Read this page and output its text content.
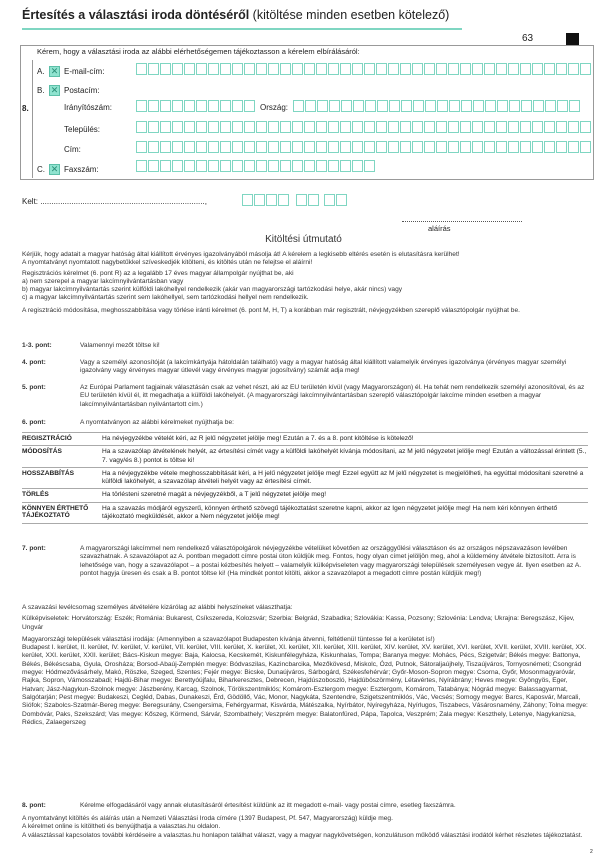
Értesítés a választási iroda döntéséről (kitöltése minden esetben kötelező)
63
Kérem, hogy a választási iroda az alábbi elérhetőségemen tájékoztasson a kérelem elbírálásáról:
8.
A. ✕ E-mail-cím:
B. ✕ Postacím:
Irányítószám:	Ország:
Település:
Cím:
C. ✕ Faxszám:
Kelt: ..........................................................................,
aláírás
Kitöltési útmutató
Kérjük, hogy adatait a magyar hatóság által kiállított érvényes igazolványából másolja át! A kérelem a legkisebb eltérés esetén is elutasításra kerülhet!
A nyomtatványt nyomtatott nagybetűkkel szíveskedjék kitölteni, és kitöltés után ne felejtse el aláírni!
Regisztrációs kérelmet (6. pont R) az a legalább 17 éves magyar állampolgár nyújthat be, aki
a) nem szerepel a magyar lakcímnyilvántartásban vagy
b) magyar lakcímnyilvántartás szerint külföldi lakóhellyel rendelkezik (akár van magyarországi tartózkodási helye, akár nincs) vagy
c) a magyar lakcímnyilvántartás szerint sem lakóhellyel, sem tartózkodási hellyel nem rendelkezik.
A regisztráció módosítása, meghosszabbítása vagy törlése iránti kérelmet (6. pont M, H, T) a korábban már regisztrált, névjegyzékben szereplő választópolgár nyújthat be.
1-3. pont:	Valamennyi mezőt töltse ki!
4. pont:	Vagy a személyi azonosítóját (a lakcímkártyája hátoldalán található) vagy a magyar hatóság által kiállított valamelyik érvényes igazolványa (érvényes magyar személyi igazolvány vagy érvényes magyar útlevél vagy érvényes magyar jogosítvány) számát adja meg!
5. pont:	Az Európai Parlament tagjainak választásán csak az vehet részt, aki az EU területén kívül (vagy Magyarországon) él. Ha tehát nem rendelkezik személyi azonosítóval, és az EU területén kívül él, itt megadhatja a külföldi lakóhelyét. (A magyarországi lakcímnyilvántartásban szereplő választópolgár lakcíme minden esetben a magyar lakcímnyilvántartásban nyilvántartott cím.)
6. pont:	A nyomtatványon az alábbi kérelmeket nyújthatja be:
REGISZTRÁCIÓ	Ha névjegyzékbe vételét kéri, az R jelű négyzetet jelölje meg! Ezután a 7. és a 8. pont kitöltése is kötelező!
MÓDOSÍTÁS	Ha a szavazólap átvételének helyét, az értesítési címét vagy a külföldi lakóhelyét kívánja módosítani, az M jelű négyzetet jelölje meg! Ezután a változással érintett (5., 7. vagy/és 8.) pontot is töltse ki!
HOSSZABBÍTÁS	Ha a névjegyzékbe vétele meghosszabbítását kéri, a H jelű négyzetet jelölje meg! Ezzel együtt az M jelű négyzetet is megjelölheti, ha egyúttal módosítani szeretné a külföldi lakóhelyét, a szavazólap átvételi helyét vagy az értesítési címét.
TÖRLÉS	Ha törlésteni szeretné magát a névjegyzékből, a T jelű négyzetet jelölje meg!
KÖNNYEN ÉRTHETŐ TÁJÉKOZTATÓ
Ha a szavazás módjáról egyszerű, könnyen érthető szövegű tájékoztatást szeretne kapni, akkor az Igen négyzetet jelölje meg! Ha nem kéri könnyen érthető tájékoztató megküldését, akkor a Nem négyzetet jelölje meg!
7. pont:	A magyarországi lakcímmel nem rendelkező választópolgárok névjegyzékbe vételüket követően az országgyűlési választáson és az országos népszavazáson levélben szavazhatnak. A szavazólapot az A. pontban megadott címre postai úton küldjük meg. Fontos, hogy olyan címet jelöljön meg, ahol a küldemény átvétele biztosított. Arra is lehetősége van, hogy a szavazólapot – a postai kézbesítés helyett – valamelyik külképviseleten vagy magyarországi települések személyesen vegye át. Ilyen esetben az A. pontot hagyja üresen és csak a B. pontot töltse ki! (Ha mindkét pontot kitölti, akkor a szavazólapot a megadott címre postán küldjük meg!)
A szavazási levélcsomag személyes átvételére kizárólag az alábbi helyszíneket választhatja:
Külképviseletek: Horvátország: Eszék; Románia: Bukarest, Csíkszereda, Kolozsvár; Szerbia: Belgrád, Szabadka; Szlovákia: Kassa, Pozsony; Szlovénia: Lendva; Ukrajna: Beregszász, Kijev, Ungvár
Magyarországi települések választási irodája: (Amennyiben a szavazólapot Budapesten kívánja átvenni, feltétlenül tüntesse fel a kerületet is!)
Budapest I. kerület, II. kerület, IV. kerület, V. kerület, VII. kerület, VIII. kerület, X. kerület, XI. kerület, XII. kerület, XIII. kerület, XIV. kerület, XV. kerület, XVI. kerület, XVII. kerület, XVIII. kerület, XX. kerület, XXI. kerület, XXII. kerület; Bács-Kiskun megye: Baja, Kalocsa, Kecskemét, Kiskunfélegyháza, Kiskunhalas, Tompa; Baranya megye: Mohács, Pécs, Szigetvár; Békés megye: Battonya, Békés, Békéscsaba, Gyula, Orosháza; Borsod-Abaúj-Zemplén megye: Bódvaszilas, Kazincbarcika, Mezőkövesd, Miskolc, Ózd, Putnok, Sátoraljaújhely, Tiszaújváros, Tornyosnémeti; Csongrád megye: Hódmezővásárhely, Makó, Röszke, Szeged, Szentes; Fejér megye: Bicske, Dunaújváros, Sárbogárd, Székesfehérvár; Győr-Moson-Sopron megye: Csorna, Győr, Mosonmagyaróvár, Rajka, Sopron, Vámosszabadi; Hajdú-Bihar megye: Berettyóújfalu, Biharkeresztes, Debrecen, Hajdúszoboszló, Hajdúböszörmény, Létavértes, Nyírábrány; Heves megye: Gyöngyös, Eger, Hatvan; Jász-Nagykun-Szolnok megye: Jászberény, Karcag, Szolnok, Törökszentmiklós; Komárom-Esztergom megye: Esztergom, Komárom, Tatabánya; Nógrád megye: Balassagyarmat, Salgótarján; Pest megye: Budakeszi, Cegléd, Dabas, Dunakeszi, Érd, Gödöllő, Vác, Monor, Nagykáta, Szentendre, Szigetszentmiklós, Vác, Vecsés; Somogy megye: Barcs, Kaposvár, Marcali, Siófok; Szabolcs-Szatmár-Bereg megye: Beregsurány, Csengersima, Fehérgyarmat, Kisvárda, Mátészalka, Nyírbátor, Nyíregyháza, Nyírlugos, Tiszabecs, Vásárosnamény, Záhony; Tolna megye: Dombóvár, Paks, Szekszárd; Vas megye: Kőszeg, Körmend, Sárvár, Szombathely; Veszprém megye: Balatonfüred, Pápa, Tapolca, Veszprém; Zala megye: Keszthely, Letenye, Nagykanizsa, Rédics, Zalaegerszeg
8. pont:	Kérelme elfogadásáról vagy annak elutasításáról értesítést küldünk az itt megadott e-mail- vagy postai címre, esetleg faxszámra.
A nyomtatványt kitöltés és aláírás után a Nemzeti Választási Iroda címére (1397 Budapest, Pf. 547, Magyarország) küldje meg.
A kérelmet online is kitöltheti és benyújthatja a valasztas.hu oldalon.
A választással kapcsolatos további kérdéseire a valasztas.hu honlapon találhat választ, vagy a magyar nagykövetségen, konzulátuson működő választási irodától kérhet részletes tájékoztatást.
2
